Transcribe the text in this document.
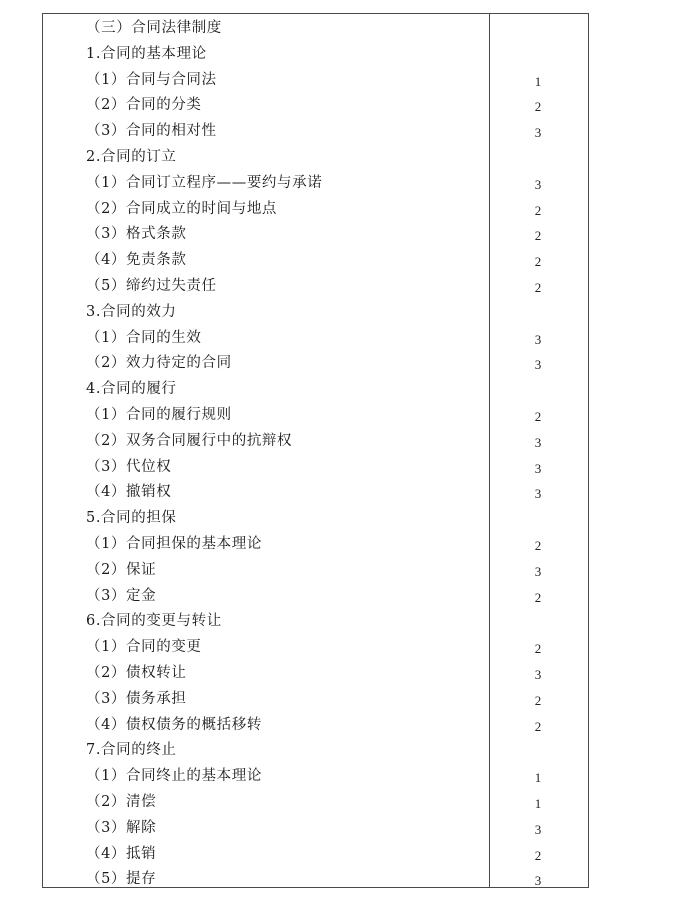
（三）合同法律制度
1.合同的基本理论
（1）合同与合同法	1
（2）合同的分类	2
（3）合同的相对性	3
2.合同的订立
（1）合同订立程序——要约与承诺	3
（2）合同成立的时间与地点	2
（3）格式条款	2
（4）免责条款	2
（5）缔约过失责任	2
3.合同的效力
（1）合同的生效	3
（2）效力待定的合同	3
4.合同的履行
（1）合同的履行规则	2
（2）双务合同履行中的抗辩权	3
（3）代位权	3
（4）撤销权	3
5.合同的担保
（1）合同担保的基本理论	2
（2）保证	3
（3）定金	2
6.合同的变更与转让
（1）合同的变更	2
（2）债权转让	3
（3）债务承担	2
（4）债权债务的概括移转	2
7.合同的终止
（1）合同终止的基本理论	1
（2）清偿	1
（3）解除	3
（4）抵销	2
（5）提存	3
